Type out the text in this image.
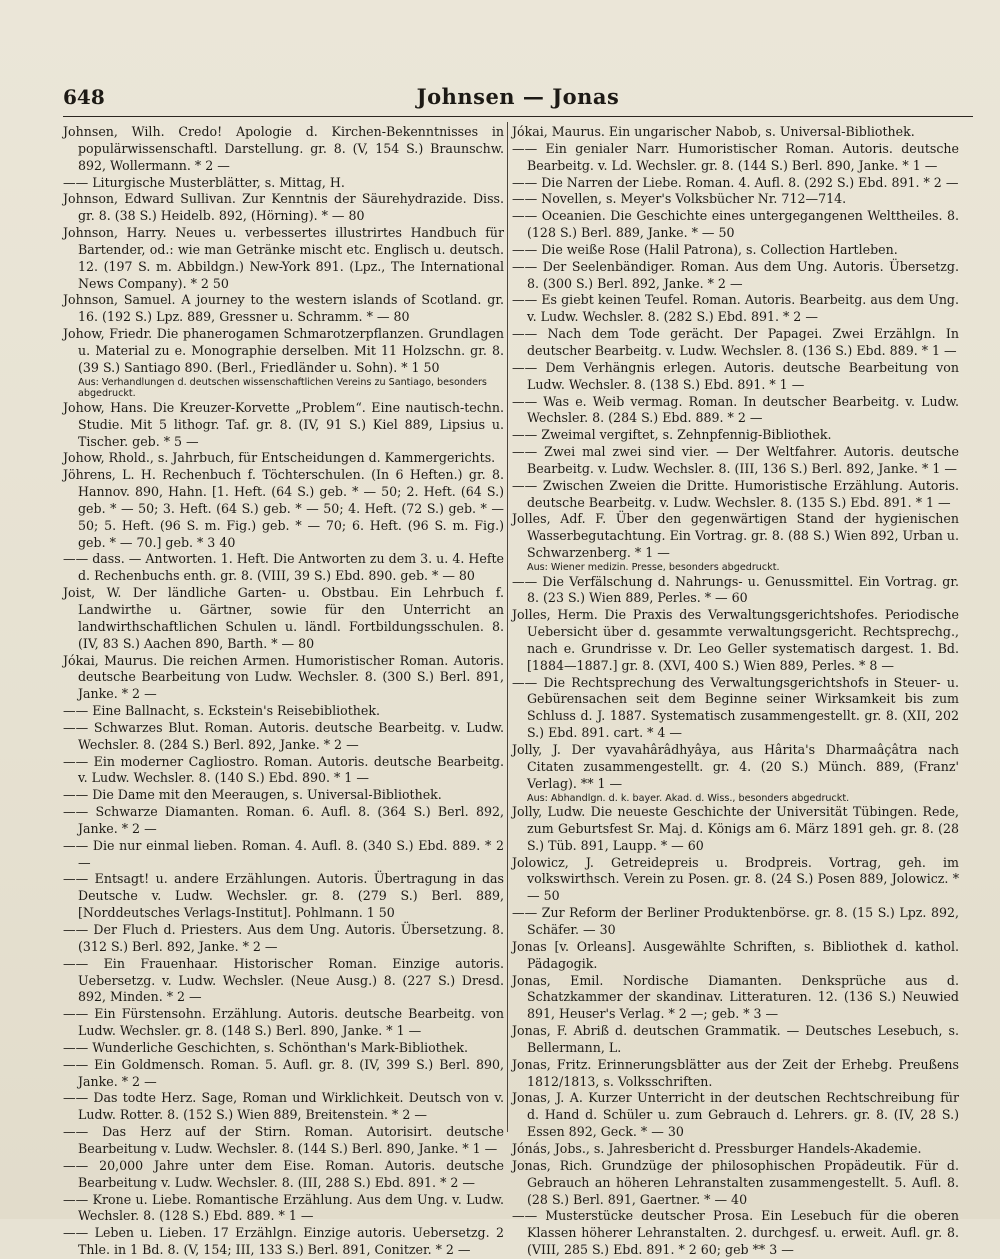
648	Johnsen — Jonas

Johnsen, Wilh. Credo! Apologie d. Kirchen-Bekenntnisses in populärwissenschaftl. Darstellung. gr. 8. (V, 154 S.) Braunschw. 892, Wollermann. * 2 —

—— Liturgische Musterblätter, s. Mittag, H.

Johnson, Edward Sullivan. Zur Kenntnis der Säurehydrazide. Diss. gr. 8. (38 S.) Heidelb. 892, (Hörning). * — 80

Johnson, Harry. Neues u. verbessertes illustrirtes Handbuch für Bartender, od.: wie man Getränke mischt etc. Englisch u. deutsch. 12. (197 S. m. Abbildgn.) New-York 891. (Lpz., The International News Company). * 2 50

Johnson, Samuel. A journey to the western islands of Scotland. gr. 16. (192 S.) Lpz. 889, Gressner u. Schramm. * — 80

Johow, Friedr. Die phanerogamen Schmarotzerpflanzen. Grundlagen u. Material zu e. Monographie derselben. Mit 11 Holzschn. gr. 8. (39 S.) Santiago 890. (Berl., Friedländer u. Sohn). * 1 50

Aus: Verhandlungen d. deutschen wissenschaftlichen Vereins zu Santiago, besonders abgedruckt.

Johow, Hans. Die Kreuzer-Korvette „Problem“. Eine nautisch-techn. Studie. Mit 5 lithogr. Taf. gr. 8. (IV, 91 S.) Kiel 889, Lipsius u. Tischer. geb. * 5 —

Johow, Rhold., s. Jahrbuch, für Entscheidungen d. Kammergerichts.

Jöhrens, L. H. Rechenbuch f. Töchterschulen. (In 6 Heften.) gr. 8. Hannov. 890, Hahn. [1. Heft. (64 S.) geb. * — 50; 2. Heft. (64 S.) geb. * — 50; 3. Heft. (64 S.) geb. * — 50; 4. Heft. (72 S.) geb. * — 50; 5. Heft. (96 S. m. Fig.) geb. * — 70; 6. Heft. (96 S. m. Fig.) geb. * — 70.] geb. * 3 40

—— dass. — Antworten. 1. Heft. Die Antworten zu dem 3. u. 4. Hefte d. Rechenbuchs enth. gr. 8. (VIII, 39 S.) Ebd. 890. geb. * — 80

Joist, W. Der ländliche Garten- u. Obstbau. Ein Lehrbuch f. Landwirthe u. Gärtner, sowie für den Unterricht an landwirthschaftlichen Schulen u. ländl. Fortbildungsschulen. 8. (IV, 83 S.) Aachen 890, Barth. * — 80

Jókai, Maurus. Die reichen Armen. Humoristischer Roman. Autoris. deutsche Bearbeitung von Ludw. Wechsler. 8. (300 S.) Berl. 891, Janke. * 2 —

—— Eine Ballnacht, s. Eckstein's Reisebibliothek.

—— Schwarzes Blut. Roman. Autoris. deutsche Bearbeitg. v. Ludw. Wechsler. 8. (284 S.) Berl. 892, Janke. * 2 —

—— Ein moderner Cagliostro. Roman. Autoris. deutsche Bearbeitg. v. Ludw. Wechsler. 8. (140 S.) Ebd. 890. * 1 —

—— Die Dame mit den Meeraugen, s. Universal-Bibliothek.

—— Schwarze Diamanten. Roman. 6. Aufl. 8. (364 S.) Berl. 892, Janke. * 2 —

—— Die nur einmal lieben. Roman. 4. Aufl. 8. (340 S.) Ebd. 889. * 2 —

—— Entsagt! u. andere Erzählungen. Autoris. Übertragung in das Deutsche v. Ludw. Wechsler. gr. 8. (279 S.) Berl. 889, [Norddeutsches Verlags-Institut]. Pohlmann. 1 50

—— Der Fluch d. Priesters. Aus dem Ung. Autoris. Übersetzung. 8. (312 S.) Berl. 892, Janke. * 2 —

—— Ein Frauenhaar. Historischer Roman. Einzige autoris. Uebersetzg. v. Ludw. Wechsler. (Neue Ausg.) 8. (227 S.) Dresd. 892, Minden. * 2 —

—— Ein Fürstensohn. Erzählung. Autoris. deutsche Bearbeitg. von Ludw. Wechsler. gr. 8. (148 S.) Berl. 890, Janke. * 1 —

—— Wunderliche Geschichten, s. Schönthan's Mark-Bibliothek.

—— Ein Goldmensch. Roman. 5. Aufl. gr. 8. (IV, 399 S.) Berl. 890, Janke. * 2 —

—— Das todte Herz. Sage, Roman und Wirklichkeit. Deutsch von v. Ludw. Rotter. 8. (152 S.) Wien 889, Breitenstein. * 2 —

—— Das Herz auf der Stirn. Roman. Autorisirt. deutsche Bearbeitung v. Ludw. Wechsler. 8. (144 S.) Berl. 890, Janke. * 1 —

—— 20,000 Jahre unter dem Eise. Roman. Autoris. deutsche Bearbeitung v. Ludw. Wechsler. 8. (III, 288 S.) Ebd. 891. * 2 —

—— Krone u. Liebe. Romantische Erzählung. Aus dem Ung. v. Ludw. Wechsler. 8. (128 S.) Ebd. 889. * 1 —

—— Leben u. Lieben. 17 Erzählgn. Einzige autoris. Uebersetzg. 2 Thle. in 1 Bd. 8. (V, 154; III, 133 S.) Berl. 891, Conitzer. * 2 —

Jókai, Maurus. Ein ungarischer Nabob, s. Universal-Bibliothek.

—— Ein genialer Narr. Humoristischer Roman. Autoris. deutsche Bearbeitg. v. Ld. Wechsler. gr. 8. (144 S.) Berl. 890, Janke. * 1 —

—— Die Narren der Liebe. Roman. 4. Aufl. 8. (292 S.) Ebd. 891. * 2 —

—— Novellen, s. Meyer's Volksbücher Nr. 712—714.

—— Oceanien. Die Geschichte eines untergegangenen Welttheiles. 8. (128 S.) Berl. 889, Janke. * — 50

—— Die weiße Rose (Halil Patrona), s. Collection Hartleben.

—— Der Seelenbändiger. Roman. Aus dem Ung. Autoris. Übersetzg. 8. (300 S.) Berl. 892, Janke. * 2 —

—— Es giebt keinen Teufel. Roman. Autoris. Bearbeitg. aus dem Ung. v. Ludw. Wechsler. 8. (282 S.) Ebd. 891. * 2 —

—— Nach dem Tode gerächt. Der Papagei. Zwei Erzählgn. In deutscher Bearbeitg. v. Ludw. Wechsler. 8. (136 S.) Ebd. 889. * 1 —

—— Dem Verhängnis erlegen. Autoris. deutsche Bearbeitung von Ludw. Wechsler. 8. (138 S.) Ebd. 891. * 1 —

—— Was e. Weib vermag. Roman. In deutscher Bearbeitg. v. Ludw. Wechsler. 8. (284 S.) Ebd. 889. * 2 —

—— Zweimal vergiftet, s. Zehnpfennig-Bibliothek.

—— Zwei mal zwei sind vier. — Der Weltfahrer. Autoris. deutsche Bearbeitg. v. Ludw. Wechsler. 8. (III, 136 S.) Berl. 892, Janke. * 1 —

—— Zwischen Zweien die Dritte. Humoristische Erzählung. Autoris. deutsche Bearbeitg. v. Ludw. Wechsler. 8. (135 S.) Ebd. 891. * 1 —

Jolles, Adf. F. Über den gegenwärtigen Stand der hygienischen Wasserbegutachtung. Ein Vortrag. gr. 8. (88 S.) Wien 892, Urban u. Schwarzenberg. * 1 —

Aus: Wiener medizin. Presse, besonders abgedruckt.

—— Die Verfälschung d. Nahrungs- u. Genussmittel. Ein Vortrag. gr. 8. (23 S.) Wien 889, Perles. * — 60

Jolles, Herm. Die Praxis des Verwaltungsgerichtshofes. Periodische Uebersicht über d. gesammte verwaltungsgericht. Rechtsprechg., nach e. Grundrisse v. Dr. Leo Geller systematisch dargest. 1. Bd. [1884—1887.] gr. 8. (XVI, 400 S.) Wien 889, Perles. * 8 —

—— Die Rechtsprechung des Verwaltungsgerichtshofs in Steuer- u. Gebürensachen seit dem Beginne seiner Wirksamkeit bis zum Schluss d. J. 1887. Systematisch zusammengestellt. gr. 8. (XII, 202 S.) Ebd. 891. cart. * 4 —

Jolly, J. Der vyavahârâdhyâya, aus Hârita's Dharmaâçâtra nach Citaten zusammengestellt. gr. 4. (20 S.) Münch. 889, (Franz' Verlag). ** 1 —

Aus: Abhandlgn. d. k. bayer. Akad. d. Wiss., besonders abgedruckt.

Jolly, Ludw. Die neueste Geschichte der Universität Tübingen. Rede, zum Geburtsfest Sr. Maj. d. Königs am 6. März 1891 geh. gr. 8. (28 S.) Tüb. 891, Laupp. * — 60

Jolowicz, J. Getreidepreis u. Brodpreis. Vortrag, geh. im volkswirthsch. Verein zu Posen. gr. 8. (24 S.) Posen 889, Jolowicz. * — 50

—— Zur Reform der Berliner Produktenbörse. gr. 8. (15 S.) Lpz. 892, Schäfer. — 30

Jonas [v. Orleans]. Ausgewählte Schriften, s. Bibliothek d. kathol. Pädagogik.

Jonas, Emil. Nordische Diamanten. Denksprüche aus d. Schatzkammer der skandinav. Litteraturen. 12. (136 S.) Neuwied 891, Heuser's Verlag. * 2 —; geb. * 3 —

Jonas, F. Abriß d. deutschen Grammatik. — Deutsches Lesebuch, s. Bellermann, L.

Jonas, Fritz. Erinnerungsblätter aus der Zeit der Erhebg. Preußens 1812/1813, s. Volksschriften.

Jonas, J. A. Kurzer Unterricht in der deutschen Rechtschreibung für d. Hand d. Schüler u. zum Gebrauch d. Lehrers. gr. 8. (IV, 28 S.) Essen 892, Geck. * — 30

Jónás, Jobs., s. Jahresbericht d. Pressburger Handels-Akademie.

Jonas, Rich. Grundzüge der philosophischen Propädeutik. Für d. Gebrauch an höheren Lehranstalten zusammengestellt. 5. Aufl. 8. (28 S.) Berl. 891, Gaertner. * — 40

—— Musterstücke deutscher Prosa. Ein Lesebuch für die oberen Klassen höherer Lehranstalten. 2. durchgesf. u. erweit. Aufl. gr. 8. (VIII, 285 S.) Ebd. 891. * 2 60; geb ** 3 —
